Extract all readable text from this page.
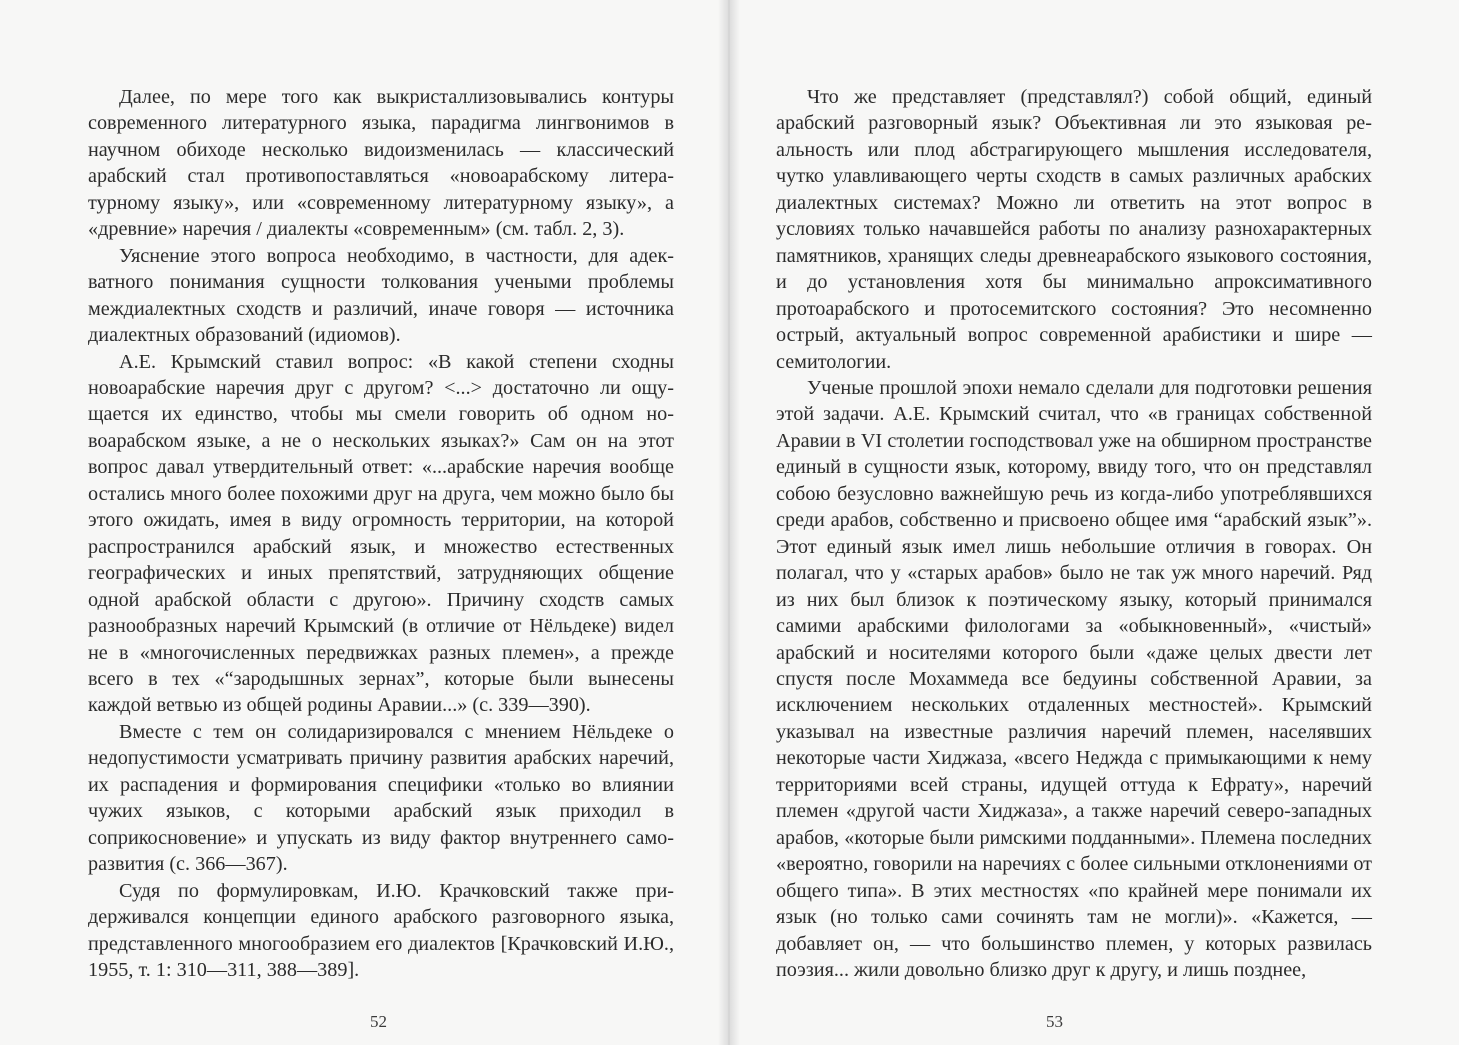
Далее, по мере того как выкристаллизовывались контуры современного литературного языка, парадигма лингвонимов в научном обиходе несколько видоизменилась — классический арабский стал противопоставляться «новоарабскому литературному языку», или «современному литературному языку», а «древние» наречия / диалекты «современным» (см. табл. 2, 3).

Уяснение этого вопроса необходимо, в частности, для адекватного понимания сущности толкования учеными проблемы междиалектных сходств и различий, иначе говоря — источника диалектных образований (идиомов).

А.Е. Крымский ставил вопрос: «В какой степени сходны новоарабские наречия друг с другом? <...> достаточно ли ощущается их единство, чтобы мы смели говорить об одном новоарабском языке, а не о нескольких языках?» Сам он на этот вопрос давал утвердительный ответ: «...арабские наречия вообще остались много более похожими друг на друга, чем можно было бы этого ожидать, имея в виду огромность территории, на которой распространился арабский язык, и множество естественных географических и иных препятствий, затрудняющих общение одной арабской области с другою». Причину сходств самых разнообразных наречий Крымский (в отличие от Нёльдеке) видел не в «многочисленных передвижках разных племен», а прежде всего в тех «“зародышных зернах”, которые были вынесены каждой ветвью из общей родины Аравии...» (с. 339—390).

Вместе с тем он солидаризировался с мнением Нёльдеке о недопустимости усматривать причину развития арабских наречий, их распадения и формирования специфики «только во влиянии чужих языков, с которыми арабский язык приходил в соприкосновение» и упускать из виду фактор внутреннего саморазвития (с. 366—367).

Судя по формулировкам, И.Ю. Крачковский также придерживался концепции единого арабского разговорного языка, представленного многообразием его диалектов [Крачковский И.Ю., 1955, т. 1: 310—311, 388—389].

Что же представляет (представлял?) собой общий, единый арабский разговорный язык? Объективная ли это языковая реальность или плод абстрагирующего мышления исследователя, чутко улавливающего черты сходств в самых различных арабских диалектных системах? Можно ли ответить на этот вопрос в условиях только начавшейся работы по анализу разнохарактерных памятников, хранящих следы древнеарабского языкового состояния, и до установления хотя бы минимально апроксимативного протоарабского и протосемитского состояния? Это несомненно острый, актуальный вопрос современной арабистики и шире — семитологии.

Ученые прошлой эпохи немало сделали для подготовки решения этой задачи. А.Е. Крымский считал, что «в границах собственной Аравии в VI столетии господствовал уже на обширном пространстве единый в сущности язык, которому, ввиду того, что он представлял собою безусловно важнейшую речь из когда-либо употреблявшихся среди арабов, собственно и присвоено общее имя “арабский язык”». Этот единый язык имел лишь небольшие отличия в говорах. Он полагал, что у «старых арабов» было не так уж много наречий. Ряд из них был близок к поэтическому языку, который принимался самими арабскими филологами за «обыкновенный», «чистый» арабский и носителями которого были «даже целых двести лет спустя после Мохаммеда все бедуины собственной Аравии, за исключением нескольких отдаленных местностей». Крымский указывал на известные различия наречий племен, населявших некоторые части Хиджаза, «всего Неджда с примыкающими к нему территориями всей страны, идущей оттуда к Ефрату», наречий племен «другой части Хиджаза», а также наречий северо-западных арабов, «которые были римскими подданными». Племена последних «вероятно, говорили на наречиях с более сильными отклонениями от общего типа». В этих местностях «по крайней мере понимали их язык (но только сами сочинять там не могли)». «Кажется, — добавляет он, — что большинство племен, у которых развилась поэзия... жили довольно близко друг к другу, и лишь позднее,

52	53
